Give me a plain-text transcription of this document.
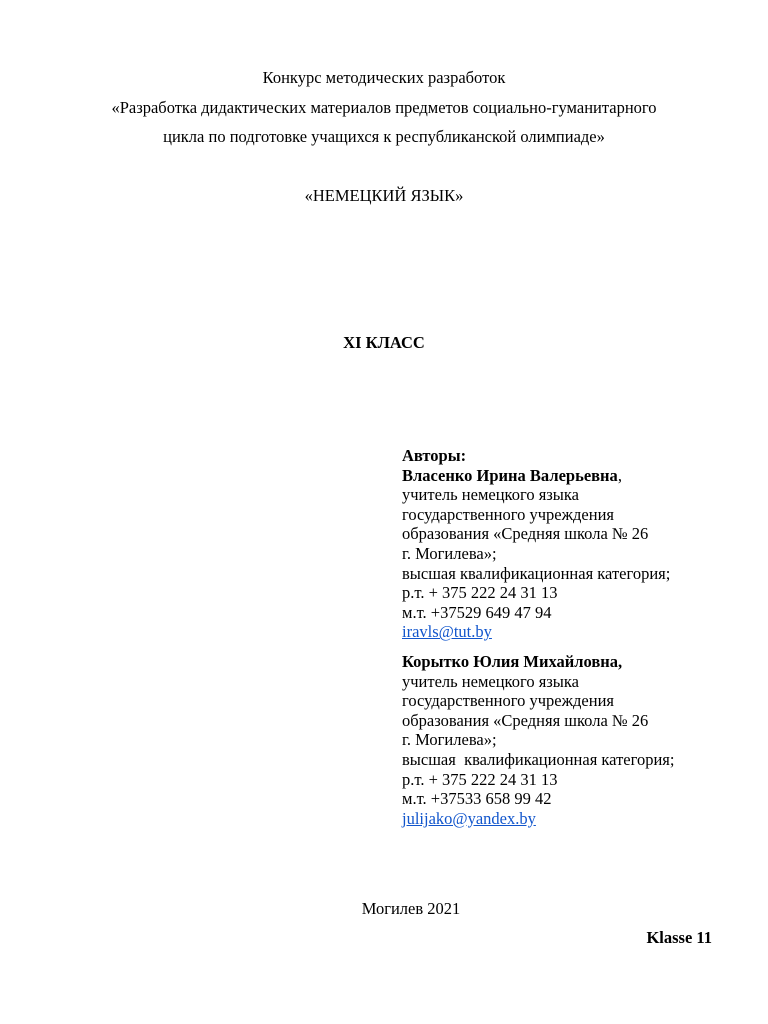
Конкурс методических разработок
«Разработка дидактических материалов предметов социально-гуманитарного
цикла по подготовке учащихся к республиканской олимпиаде»
«НЕМЕЦКИЙ ЯЗЫК»
XI КЛАСС
Авторы:
Власенко Ирина Валерьевна,
учитель немецкого языка
государственного учреждения
образования «Средняя школа № 26
г. Могилева»;
высшая квалификационная категория;
р.т. + 375 222 24 31 13
м.т. +37529 649 47 94
iravls@tut.by
Корытко Юлия Михайловна,
учитель немецкого языка
государственного учреждения
образования «Средняя школа № 26
г. Могилева»;
высшая  квалификационная категория;
р.т. + 375 222 24 31 13
м.т. +37533 658 99 42
julijako@yandex.by
Могилев 2021
Klasse 11
